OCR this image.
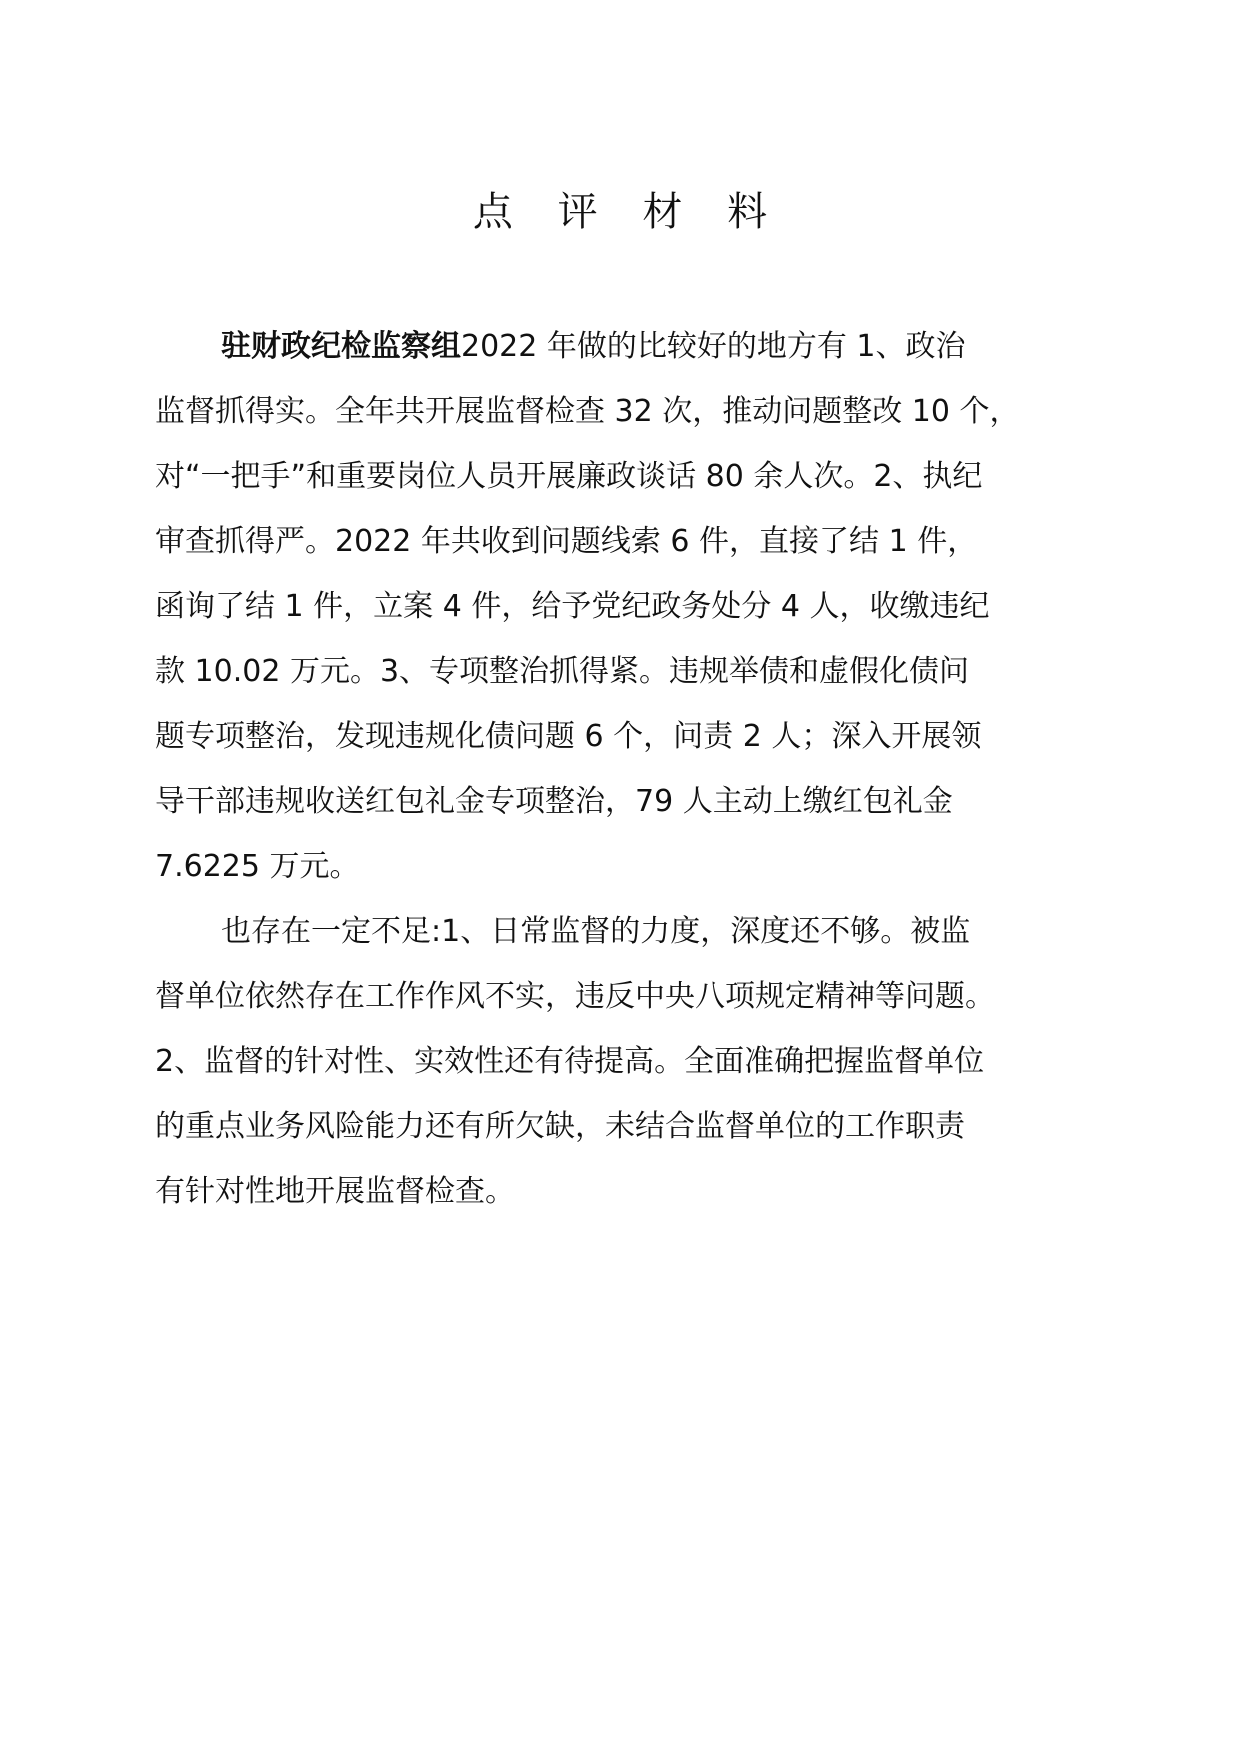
点 评 材 料
驻财政纪检监察组2022 年做的比较好的地方有 1、政治
监督抓得实。全年共开展监督检查 32 次，推动问题整改 10 个，
对“一把手”和重要岗位人员开展廉政谈话 80 余人次。2、执纪
审查抓得严。2022 年共收到问题线索 6 件，直接了结 1 件，
函询了结 1 件，立案 4 件，给予党纪政务处分 4 人，收缴违纪
款 10.02 万元。3、专项整治抓得紧。违规举债和虚假化债问
题专项整治，发现违规化债问题 6 个，问责 2 人；深入开展领
导干部违规收送红包礼金专项整治，79 人主动上缴红包礼金
7.6225 万元。
也存在一定不足:1、日常监督的力度，深度还不够。被监
督单位依然存在工作作风不实，违反中央八项规定精神等问题。
2、监督的针对性、实效性还有待提高。全面准确把握监督单位
的重点业务风险能力还有所欠缺，未结合监督单位的工作职责
有针对性地开展监督检查。
